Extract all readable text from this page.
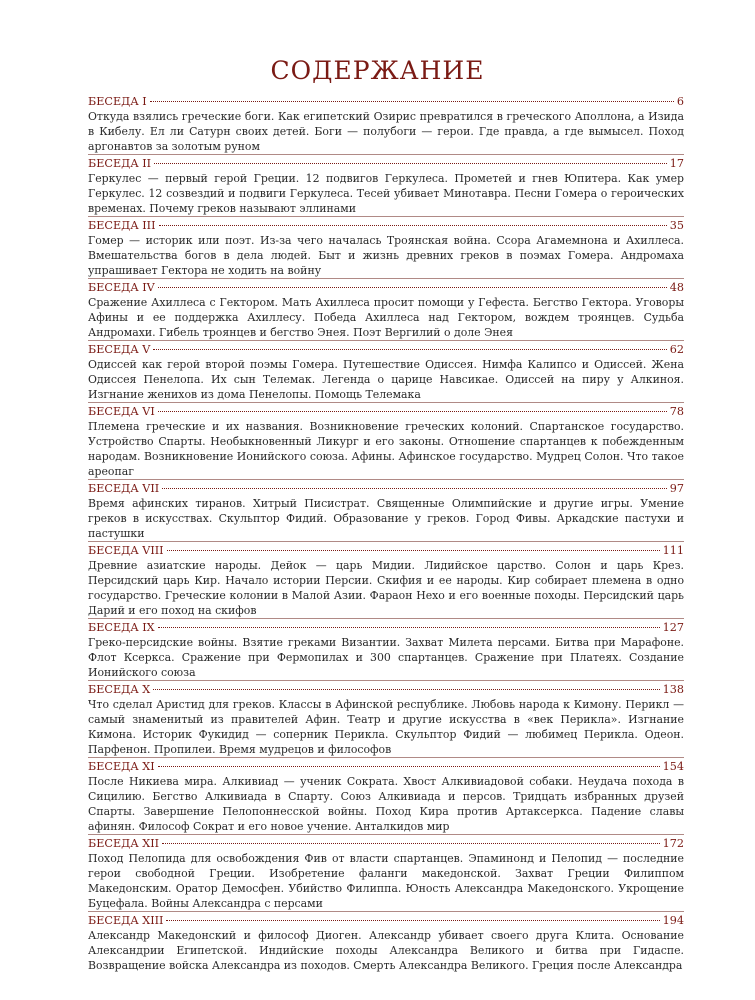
СОДЕРЖАНИЕ
БЕСЕДА I	6

Откуда взялись греческие боги. Как египетский Озирис превратился в греческого Аполлона, а Изида в Кибелу. Ел ли Сатурн своих детей. Боги — полубоги — герои. Где правда, а где вымысел. Поход аргонавтов за золотым руном

БЕСЕДА II	17

Геркулес — первый герой Греции. 12 подвигов Геркулеса. Прометей и гнев Юпитера. Как умер Геркулес. 12 созвездий и подвиги Геркулеса. Тесей убивает Минотавра. Песни Гомера о героических временах. Почему греков называют эллинами

БЕСЕДА III	35

Гомер — историк или поэт. Из-за чего началась Троянская война. Ссора Агамемнона и Ахиллеса. Вмешательства богов в дела людей. Быт и жизнь древних греков в поэмах Гомера. Андромаха упрашивает Гектора не ходить на войну

БЕСЕДА IV	48

Сражение Ахиллеса с Гектором. Мать Ахиллеса просит помощи у Гефеста. Бегство Гектора. Уговоры Афины и ее поддержка Ахиллесу. Победа Ахиллеса над Гектором, вождем троянцев. Судьба Андромахи. Гибель троянцев и бегство Энея. Поэт Вергилий о доле Энея

БЕСЕДА V	62

Одиссей как герой второй поэмы Гомера. Путешествие Одиссея. Нимфа Калипсо и Одиссей. Жена Одиссея Пенелопа. Их сын Телемак. Легенда о царице Навсикае. Одиссей на пиру у Алкиноя. Изгнание женихов из дома Пенелопы. Помощь Телемака

БЕСЕДА VI	78

Племена греческие и их названия. Возникновение греческих колоний. Спартанское государство. Устройство Спарты. Необыкновенный Ликург и его законы. Отношение спартанцев к побежденным народам. Возникновение Ионийского союза. Афины. Афинское государство. Мудрец Солон. Что такое ареопаг

БЕСЕДА VII	97

Время афинских тиранов. Хитрый Писистрат. Священные Олимпийские и другие игры. Умение греков в искусствах. Скульптор Фидий. Образование у греков. Город Фивы. Аркадские пастухи и пастушки

БЕСЕДА VIII	111

Древние азиатские народы. Дейок — царь Мидии. Лидийское царство. Солон и царь Крез. Персидский царь Кир. Начало истории Персии. Скифия и ее народы. Кир собирает племена в одно государство. Греческие колонии в Малой Азии. Фараон Нехо и его военные походы. Персидский царь Дарий и его поход на скифов

БЕСЕДА IX	127

Греко-персидские войны. Взятие греками Византии. Захват Милета персами. Битва при Марафоне. Флот Ксеркса. Сражение при Фермопилах и 300 спартанцев. Сражение при Платеях. Создание Ионийского союза

БЕСЕДА X	138

Что сделал Аристид для греков. Классы в Афинской республике. Любовь народа к Кимону. Перикл — самый знаменитый из правителей Афин. Театр и другие искусства в «век Перикла». Изгнание Кимона. Историк Фукидид — соперник Перикла. Скульптор Фидий — любимец Перикла. Одеон. Парфенон. Пропилеи. Время мудрецов и философов

БЕСЕДА XI	154

После Никиева мира. Алкивиад — ученик Сократа. Хвост Алкивиадовой собаки. Неудача похода в Сицилию. Бегство Алкивиада в Спарту. Союз Алкивиада и персов. Тридцать избранных друзей Спарты. Завершение Пелопоннесской войны. Поход Кира против Артаксеркса. Падение славы афинян. Философ Сократ и его новое учение. Анталкидов мир

БЕСЕДА XII	172

Поход Пелопида для освобождения Фив от власти спартанцев. Эпаминонд и Пелопид — последние герои свободной Греции. Изобретение фаланги македонской. Захват Греции Филиппом Македонским. Оратор Демосфен. Убийство Филиппа. Юность Александра Македонского. Укрощение Буцефала. Войны Александра с персами

БЕСЕДА XIII	194

Александр Македонский и философ Диоген. Александр убивает своего друга Клита. Основание Александрии Египетской. Индийские походы Александра Великого и битва при Гидаспе. Возвращение войска Александра из походов. Смерть Александра Великого. Греция после Александра
